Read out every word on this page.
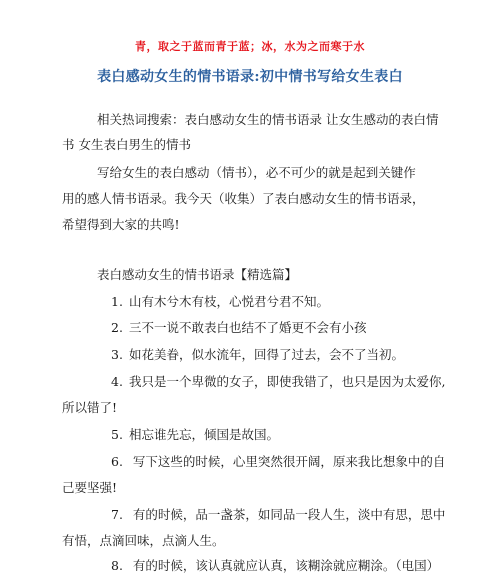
青，取之于蓝而青于蓝；冰，水为之而寒于水
表白感动女生的情书语录:初中情书写给女生表白
相关热词搜索：表白感动女生的情书语录 让女生感动的表白情
书 女生表白男生的情书
写给女生的表白感动（情书），必不可少的就是起到关键作
用的感人情书语录。我今天（收集）了表白感动女生的情书语录，
希望得到大家的共鸣!
表白感动女生的情书语录【精选篇】
1. 山有木兮木有枝，心悦君兮君不知。
2. 三不一说不敢表白也结不了婚更不会有小孩
3. 如花美眷，似水流年，回得了过去，会不了当初。
4. 我只是一个卑微的女子，即使我错了，也只是因为太爱你,
所以错了!
5. 相忘谁先忘，倾国是故国。
6. 写下这些的时候，心里突然很开阔，原来我比想象中的自
己要坚强!
7. 有的时候，品一盏茶，如同品一段人生，淡中有思，思中
有悟，点滴回味，点滴人生。
8. 有的时候，该认真就应认真，该糊涂就应糊涂。（电国）
